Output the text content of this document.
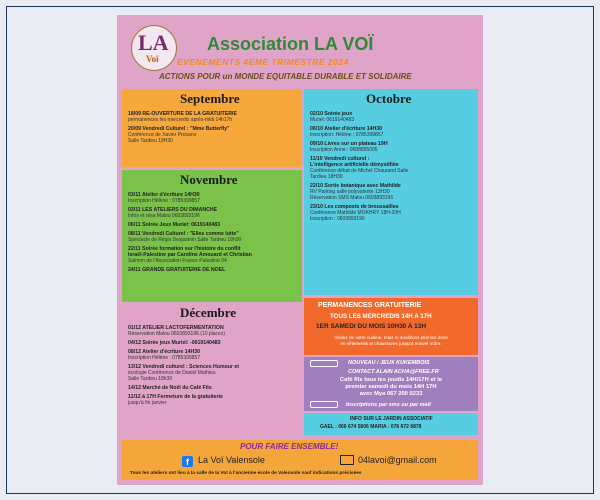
LA
Voï
Association LA VOÏ
EVENEMENTS 4EME TRIMESTRE 2024
ACTIONS POUR un MONDE EQUITABLE DURABLE ET SOLIDAIRE
Septembre
18/09 RE-OUVERTURE DE LA GRATUITERIE
permanences les mercredis après-midi 14h17h
20/09 Vendredi Culturel : "Mme Butterfly"
Conférence de Xavier Prosano
Salle Tardieu 18H30
Octobre
02/10 Soirée jeux
Muriel: 0619140483
06/10 Atelier d'écriture 14H30
Inscription: Hélène : 0785399857
09/10 Livres sur un plateau 19H
Inscription Anne : 0688855095
11/10 Vendredi culturel :
L'intelligence artificielle démystifiée
Conférence débat de Michel Chaurand Salle
Tardieu 18H30
22/10 Sortie botanique avec Mathilde
RV Parking salle polyvalente 13H30
Réservation SMS Malou 0603893196
23/10 Les composts de broussailles
Conférence Mathilde MOKHRY 18H-20H
Inscription : 0603893196
Novembre
03/11 Atelier d'écriture 14H30
Inscription Hélène : 0785399857
03/11 LES ATELIERS DU DIMANCHE
Infos et résa Malou 0603893196
06/11 Soirée Jeux Muriel: 0619140483
08/11 Vendredi Culturel : "Elles comme lutte"
Spectacle de Régis Desjasmin Salle Tardieu 18h30
22/11 Soirée formation sur l'histoire du conflit
Israël-Palestine par Caroline Amouard et Christian
Salmon de l'Association France Palestine 04
24/11 GRANDE GRATUITERIE DE NOEL
PERMANENCES GRATUITERIE
TOUS LES MERCREDIS 14H A 17H
1ER SAMEDI DU MOIS 10H30 A 13H
Visitez de votre cuisine, mais ni meublons plus les dons
en vêtements et chaussures jusqu'à nouvel ordre.
Décembre
01/12 ATELIER LACTOFERMENTATION
Réservation Malou 0603893196 (10 places)
04/12 Soirée jeux Muriel: -0619140483
08/12 Atelier d'écriture 14H30
Inscription Hélène : 0785399857
13/12 Vendredi culturel : Sciences Humour et
écologie Conférence de Daniel Mathieu
Salle Tardieu 18h30
14/12 Marché de Noël du Café Fils
11/12 à 17H Fermeture de la gratuiterie
jusqu'à fin janvier
NOUVEAU / JEUX KUKEMBOIS
CONTACT ALAIN ACHA@FREE.FR
Café fils tous les jeudis 14H/17H et le
premier samedi du mois 14H 17H
avec Mya 067 200 0233
Inscriptions par sms ou par mail
INFO SUR LE JARDIN ASSOCIATIF
GAEL : 066 674 5606 MARIA : 076 672 6878
POUR FAIRE ENSEMBLE!
f	La Voï Valensole	04lavoi@gmail.com
Tous les ateliers ont lieu à la salle de la Voï à l'ancienne école de Valensole sauf indications précisées
